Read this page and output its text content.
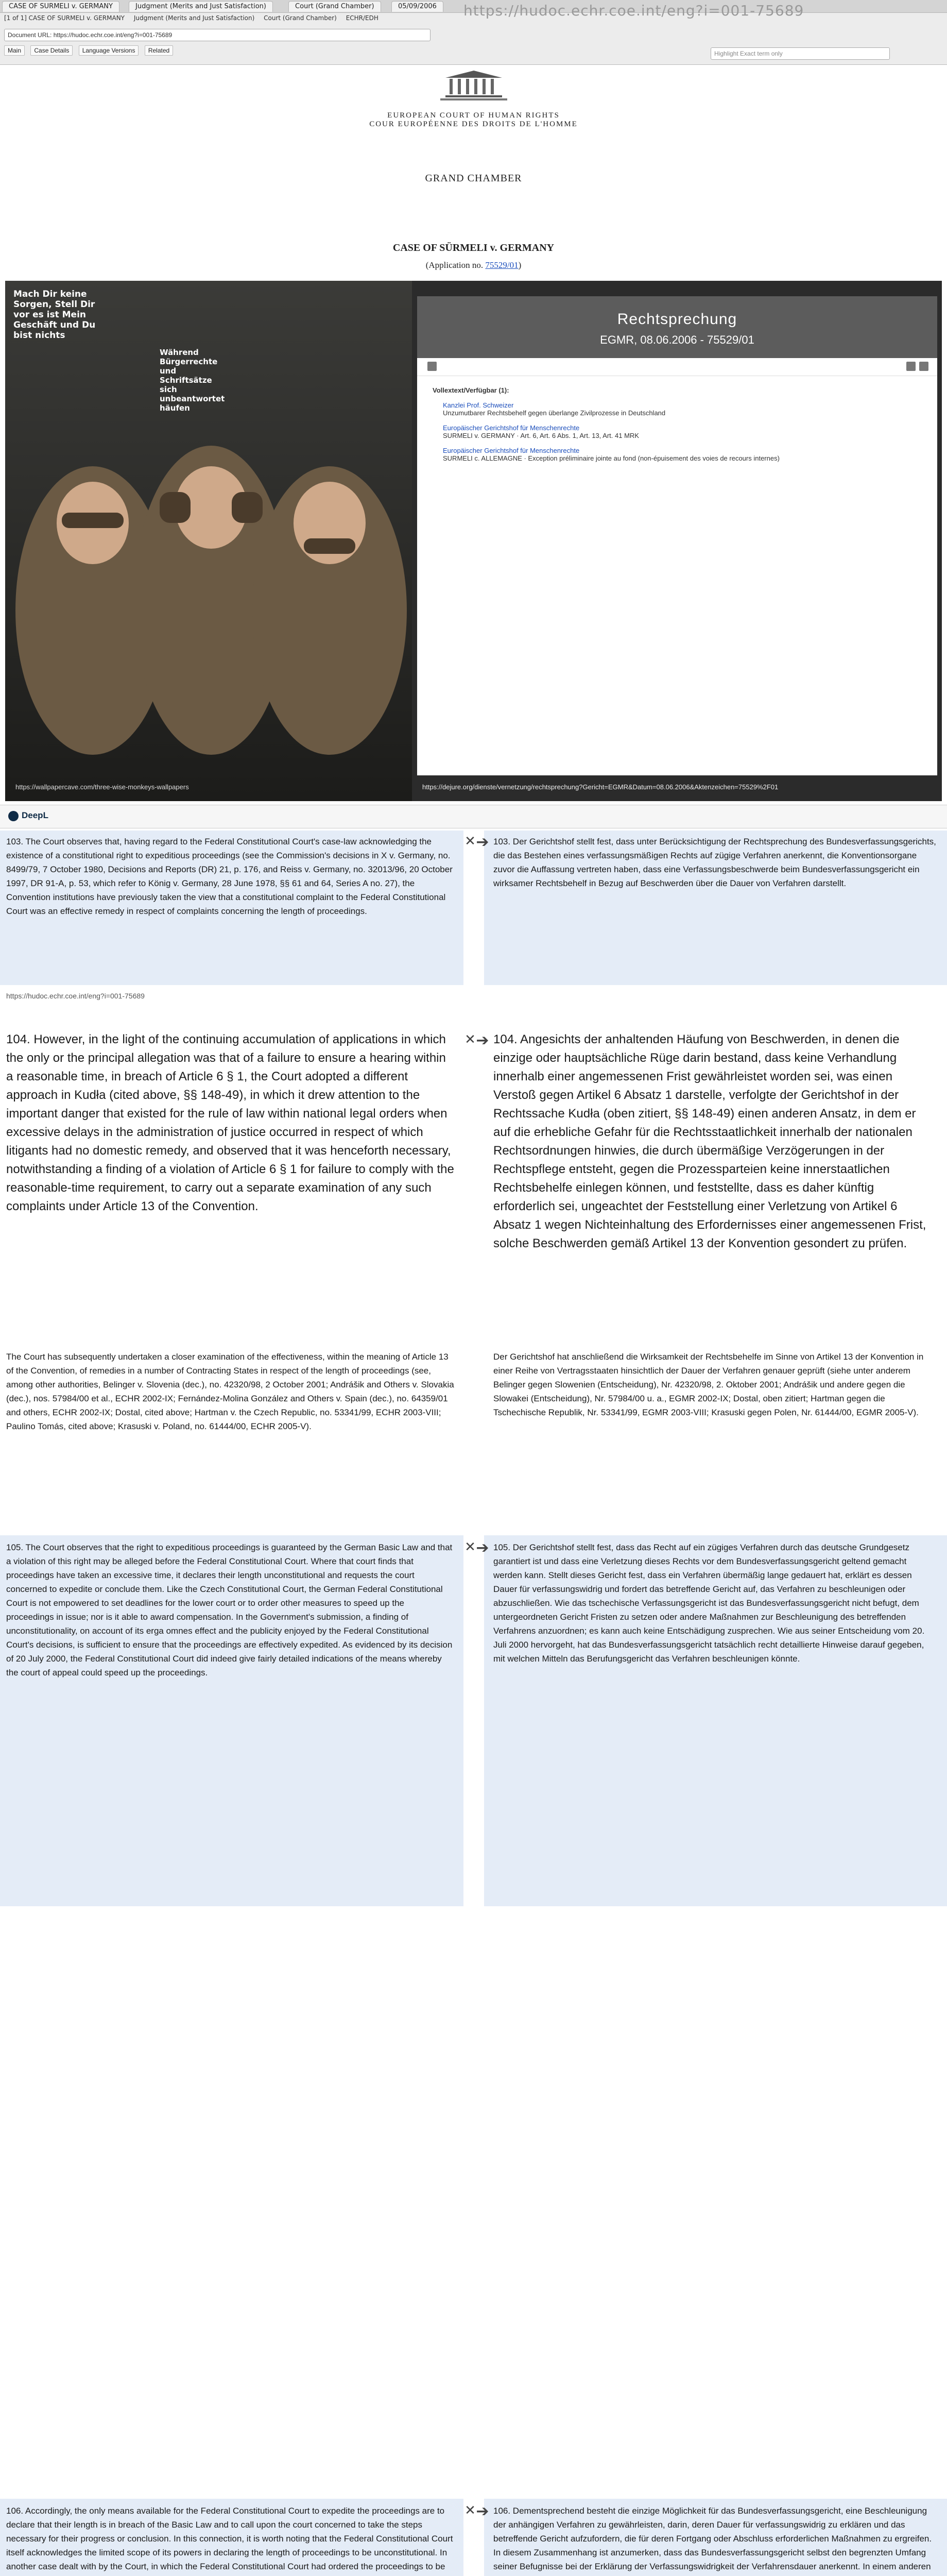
CASE OF SURMELI v. GERMANY	Judgment (Merits and Just Satisfaction)	Court (Grand Chamber)	05/09/2006
[1 of 1] CASE OF SURMELI v. GERMANY Judgment (Merits and Just Satisfaction) Court (Grand Chamber) ECHR/EDH
Document URL: https://hudoc.echr.coe.int/eng?i=001-75689
https://hudoc.echr.coe.int/eng?i=001-75689
Main Case Details Language Versions Related	Highlight Exact term only
EUROPEAN COURT OF HUMAN RIGHTS
COUR EUROPÉENNE DES DROITS DE L'HOMME
GRAND CHAMBER
CASE OF SÜRMELI v. GERMANY
(Application no. 75529/01)
Mach Dir keine Sorgen, Stell Dir vor es ist Mein Geschäft und Du bist nichts
Während Bürgerrechte und Schriftsätze sich unbeantwortet häufen
https://wallpapercave.com/three-wise-monkeys-wallpapers
Rechtsprechung
EGMR, 08.06.2006 - 75529/01
Vollextext/Verfügbar (1):
Kanzlei Prof. Schweizer
Unzumutbarer Rechtsbehelf gegen überlange Zivilprozesse in Deutschland
Europäischer Gerichtshof für Menschenrechte
SURMELI v. GERMANY · Art. 6, Art. 6 Abs. 1, Art. 13, Art. 41 MRK
Europäischer Gerichtshof für Menschenrechte
SURMELI c. ALLEMAGNE · Exception préliminaire jointe au fond (non-épuisement des voies de recours internes)
https://dejure.org/dienste/vernetzung/rechtsprechung?Gericht=EGMR&Datum=08.06.2006&Aktenzeichen=75529%2F01
DeepL
103. The Court observes that, having regard to the Federal Constitutional Court's case-law acknowledging the existence of a constitutional right to expeditious proceedings (see the Commission's decisions in X v. Germany, no. 8499/79, 7 October 1980, Decisions and Reports (DR) 21, p. 176, and Reiss v. Germany, no. 32013/96, 20 October 1997, DR 91-A, p. 53, which refer to König v. Germany, 28 June 1978, §§ 61 and 64, Series A no. 27), the Convention institutions have previously taken the view that a constitutional complaint to the Federal Constitutional Court was an effective remedy in respect of complaints concerning the length of proceedings.
✕ ➔ 103. Der Gerichtshof stellt fest, dass unter Berücksichtigung der Rechtsprechung des Bundesverfassungsgerichts, die das Bestehen eines verfassungsmäßigen Rechts auf zügige Verfahren anerkennt, die Konventionsorgane zuvor die Auffassung vertreten haben, dass eine Verfassungsbeschwerde beim Bundesverfassungsgericht ein wirksamer Rechtsbehelf in Bezug auf Beschwerden über die Dauer von Verfahren darstellt.
https://hudoc.echr.coe.int/eng?i=001-75689
104. However, in the light of the continuing accumulation of applications in which the only or the principal allegation was that of a failure to ensure a hearing within a reasonable time, in breach of Article 6 § 1, the Court adopted a different approach in Kudła (cited above, §§ 148-49), in which it drew attention to the important danger that existed for the rule of law within national legal orders when excessive delays in the administration of justice occurred in respect of which litigants had no domestic remedy, and observed that it was henceforth necessary, notwithstanding a finding of a violation of Article 6 § 1 for failure to comply with the reasonable-time requirement, to carry out a separate examination of any such complaints under Article 13 of the Convention.
✕ ➔ 104. Angesichts der anhaltenden Häufung von Beschwerden, in denen die einzige oder hauptsächliche Rüge darin bestand, dass keine Verhandlung innerhalb einer angemessenen Frist gewährleistet worden sei, was einen Verstoß gegen Artikel 6 Absatz 1 darstelle, verfolgte der Gerichtshof in der Rechtssache Kudła (oben zitiert, §§ 148-49) einen anderen Ansatz, in dem er auf die erhebliche Gefahr für die Rechtsstaatlichkeit innerhalb der nationalen Rechtsordnungen hinwies, die durch übermäßige Verzögerungen in der Rechtspflege entsteht, gegen die Prozessparteien keine innerstaatlichen Rechtsbehelfe einlegen können, und feststellte, dass es daher künftig erforderlich sei, ungeachtet der Feststellung einer Verletzung von Artikel 6 Absatz 1 wegen Nichteinhaltung des Erfordernisses einer angemessenen Frist, solche Beschwerden gemäß Artikel 13 der Konvention gesondert zu prüfen.
The Court has subsequently undertaken a closer examination of the effectiveness, within the meaning of Article 13 of the Convention, of remedies in a number of Contracting States in respect of the length of proceedings (see, among other authorities, Belinger v. Slovenia (dec.), no. 42320/98, 2 October 2001; Andrášik and Others v. Slovakia (dec.), nos. 57984/00 et al., ECHR 2002-IX; Fernández-Molina González and Others v. Spain (dec.), no. 64359/01 and others, ECHR 2002-IX; Dostal, cited above; Hartman v. the Czech Republic, no. 53341/99, ECHR 2003-VIII; Paulino Tomás, cited above; Krasuski v. Poland, no. 61444/00, ECHR 2005-V).
Der Gerichtshof hat anschließend die Wirksamkeit der Rechtsbehelfe im Sinne von Artikel 13 der Konvention in einer Reihe von Vertragsstaaten hinsichtlich der Dauer der Verfahren genauer geprüft (siehe unter anderem Belinger gegen Slowenien (Entscheidung), Nr. 42320/98, 2. Oktober 2001; Andrášik und andere gegen die Slowakei (Entscheidung), Nr. 57984/00 u. a., EGMR 2002-IX; Dostal, oben zitiert; Hartman gegen die Tschechische Republik, Nr. 53341/99, EGMR 2003-VIII; Krasuski gegen Polen, Nr. 61444/00, EGMR 2005-V).
105. The Court observes that the right to expeditious proceedings is guaranteed by the German Basic Law and that a violation of this right may be alleged before the Federal Constitutional Court. Where that court finds that proceedings have taken an excessive time, it declares their length unconstitutional and requests the court concerned to expedite or conclude them. Like the Czech Constitutional Court, the German Federal Constitutional Court is not empowered to set deadlines for the lower court or to order other measures to speed up the proceedings in issue; nor is it able to award compensation. In the Government's submission, a finding of unconstitutionality, on account of its erga omnes effect and the publicity enjoyed by the Federal Constitutional Court's decisions, is sufficient to ensure that the proceedings are effectively expedited. As evidenced by its decision of 20 July 2000, the Federal Constitutional Court did indeed give fairly detailed indications of the means whereby the court of appeal could speed up the proceedings.
✕ ➔ 105. Der Gerichtshof stellt fest, dass das Recht auf ein zügiges Verfahren durch das deutsche Grundgesetz garantiert ist und dass eine Verletzung dieses Rechts vor dem Bundesverfassungsgericht geltend gemacht werden kann. Stellt dieses Gericht fest, dass ein Verfahren übermäßig lange gedauert hat, erklärt es dessen Dauer für verfassungswidrig und fordert das betreffende Gericht auf, das Verfahren zu beschleunigen oder abzuschließen. Wie das tschechische Verfassungsgericht ist das Bundesverfassungsgericht nicht befugt, dem untergeordneten Gericht Fristen zu setzen oder andere Maßnahmen zur Beschleunigung des betreffenden Verfahrens anzuordnen; es kann auch keine Entschädigung zusprechen. Wie aus seiner Entscheidung vom 20. Juli 2000 hervorgeht, hat das Bundesverfassungsgericht tatsächlich recht detaillierte Hinweise darauf gegeben, mit welchen Mitteln das Berufungsgericht das Verfahren beschleunigen könnte.
106. Accordingly, the only means available for the Federal Constitutional Court to expedite the proceedings are to declare that their length is in breach of the Basic Law and to call upon the court concerned to take the steps necessary for their progress or conclusion. In this connection, it is worth noting that the Federal Constitutional Court itself acknowledges the limited scope of its powers in declaring the length of proceedings to be unconstitutional. In another case dealt with by the Court, in which the Federal Constitutional Court had ordered the proceedings to be
✕ ➔ 106. Dementsprechend besteht die einzige Möglichkeit für das Bundesverfassungsgericht, eine Beschleunigung der anhängigen Verfahren zu gewährleisten, darin, deren Dauer für verfassungswidrig zu erklären und das betreffende Gericht aufzufordern, die für deren Fortgang oder Abschluss erforderlichen Maßnahmen zu ergreifen. In diesem Zusammenhang ist anzumerken, dass das Bundesverfassungsgericht selbst den begrenzten Umfang seiner Befugnisse bei der Erklärung der Verfassungswidrigkeit der Verfahrensdauer anerkennt. In einem anderen
